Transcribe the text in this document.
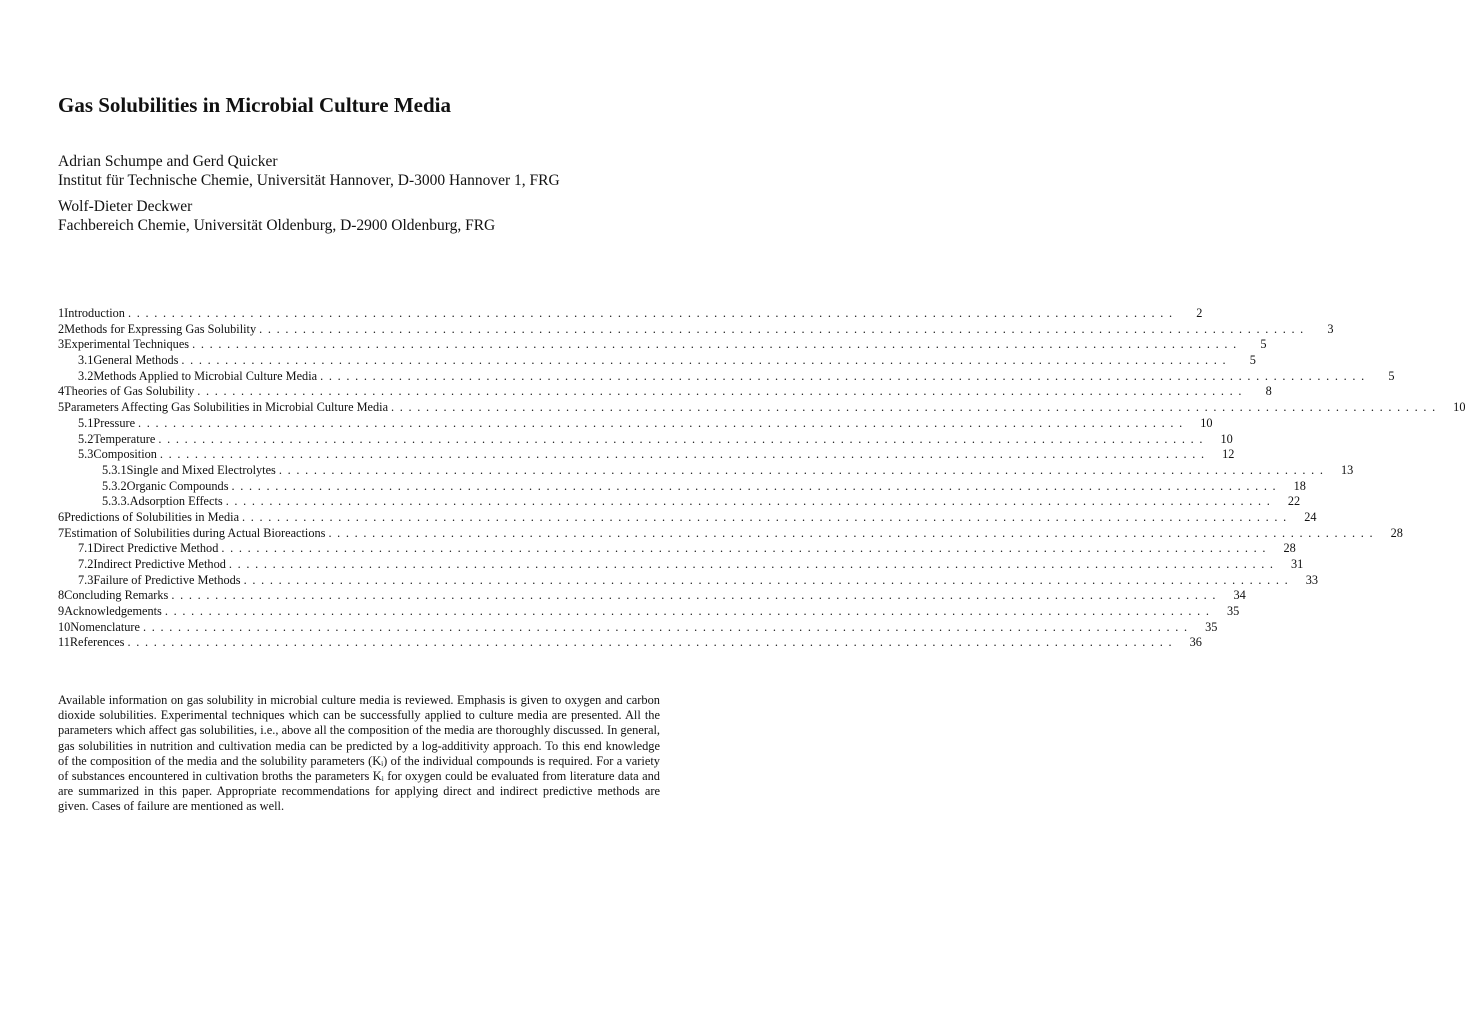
Gas Solubilities in Microbial Culture Media
Adrian Schumpe and Gerd Quicker
Institut für Technische Chemie, Universität Hannover, D-3000 Hannover 1, FRG
Wolf-Dieter Deckwer
Fachbereich Chemie, Universität Oldenburg, D-2900 Oldenburg, FRG
1 Introduction . . . . . . . . . . . . . . . . . . . . . . . . . . . . . . . . . . . . . . . . . . . . . . . . . . . . . . . . . . . . . . . . . . . . . . . . . . . . . . . . . . . . . . . . . . . . . . . . . . . . . . . . . . . . . . . . . . . . . . . .	2
2 Methods for Expressing Gas Solubility . . . . . . . . . . . . . . . . . . . . . . . . . . . . . . . . . . . . . . . . . . . . . . . . . . . . . . . . . . . . . . . . . . . . . . . . . . . . . . . . . . . . . . . . . . . . . . . . . . . . . . . . . . . . . . . . . . . . . . . .	3
3 Experimental Techniques . . . . . . . . . . . . . . . . . . . . . . . . . . . . . . . . . . . . . . . . . . . . . . . . . . . . . . . . . . . . . . . . . . . . . . . . . . . . . . . . . . . . . . . . . . . . . . . . . . . . . . . . . . . . . . . . . . . . . . . .	5
3.1 General Methods . . . . . . . . . . . . . . . . . . . . . . . . . . . . . . . . . . . . . . . . . . . . . . . . . . . . . . . . . . . . . . . . . . . . . . . . . . . . . . . . . . . . . . . . . . . . . . . . . . . . . . . . . . . . . . . . . . . . . . . .	5
3.2 Methods Applied to Microbial Culture Media . . . . . . . . . . . . . . . . . . . . . . . . . . . . . . . . . . . . . . . . . . . . . . . . . . . . . . . . . . . . . . . . . . . . . . . . . . . . . . . . . . . . . . . . . . . . . . . . . . . . . . . . . . . . . . . . . . . . . . . .	5
4 Theories of Gas Solubility . . . . . . . . . . . . . . . . . . . . . . . . . . . . . . . . . . . . . . . . . . . . . . . . . . . . . . . . . . . . . . . . . . . . . . . . . . . . . . . . . . . . . . . . . . . . . . . . . . . . . . . . . . . . . . . . . . . . . . . .	8
5 Parameters Affecting Gas Solubilities in Microbial Culture Media . . . . . . . . . . . . . . . . . . . . . . . . . . . . . . . . . . . . . . . . . . . . . . . . . . . . . . . . . . . . . . . . . . . . . . . . . . . . . . . . . . . . . . . . . . . . . . . . . . . . . . . . . . . . . . . . . . . . . . . .	10
5.1 Pressure . . . . . . . . . . . . . . . . . . . . . . . . . . . . . . . . . . . . . . . . . . . . . . . . . . . . . . . . . . . . . . . . . . . . . . . . . . . . . . . . . . . . . . . . . . . . . . . . . . . . . . . . . . . . . . . . . . . . . . . .	10
5.2 Temperature . . . . . . . . . . . . . . . . . . . . . . . . . . . . . . . . . . . . . . . . . . . . . . . . . . . . . . . . . . . . . . . . . . . . . . . . . . . . . . . . . . . . . . . . . . . . . . . . . . . . . . . . . . . . . . . . . . . . . . . .	10
5.3 Composition . . . . . . . . . . . . . . . . . . . . . . . . . . . . . . . . . . . . . . . . . . . . . . . . . . . . . . . . . . . . . . . . . . . . . . . . . . . . . . . . . . . . . . . . . . . . . . . . . . . . . . . . . . . . . . . . . . . . . . . .	12
5.3.1 Single and Mixed Electrolytes . . . . . . . . . . . . . . . . . . . . . . . . . . . . . . . . . . . . . . . . . . . . . . . . . . . . . . . . . . . . . . . . . . . . . . . . . . . . . . . . . . . . . . . . . . . . . . . . . . . . . . . . . . . . . . . . . . . . . . . .	13
5.3.2 Organic Compounds . . . . . . . . . . . . . . . . . . . . . . . . . . . . . . . . . . . . . . . . . . . . . . . . . . . . . . . . . . . . . . . . . . . . . . . . . . . . . . . . . . . . . . . . . . . . . . . . . . . . . . . . . . . . . . . . . . . . . . . .	18
5.3.3. Adsorption Effects . . . . . . . . . . . . . . . . . . . . . . . . . . . . . . . . . . . . . . . . . . . . . . . . . . . . . . . . . . . . . . . . . . . . . . . . . . . . . . . . . . . . . . . . . . . . . . . . . . . . . . . . . . . . . . . . . . . . . . . .	22
6 Predictions of Solubilities in Media . . . . . . . . . . . . . . . . . . . . . . . . . . . . . . . . . . . . . . . . . . . . . . . . . . . . . . . . . . . . . . . . . . . . . . . . . . . . . . . . . . . . . . . . . . . . . . . . . . . . . . . . . . . . . . . . . . . . . . . .	24
7 Estimation of Solubilities during Actual Bioreactions . . . . . . . . . . . . . . . . . . . . . . . . . . . . . . . . . . . . . . . . . . . . . . . . . . . . . . . . . . . . . . . . . . . . . . . . . . . . . . . . . . . . . . . . . . . . . . . . . . . . . . . . . . . . . . . . . . . . . . . .	28
7.1 Direct Predictive Method . . . . . . . . . . . . . . . . . . . . . . . . . . . . . . . . . . . . . . . . . . . . . . . . . . . . . . . . . . . . . . . . . . . . . . . . . . . . . . . . . . . . . . . . . . . . . . . . . . . . . . . . . . . . . . . . . . . . . . . .	28
7.2 Indirect Predictive Method . . . . . . . . . . . . . . . . . . . . . . . . . . . . . . . . . . . . . . . . . . . . . . . . . . . . . . . . . . . . . . . . . . . . . . . . . . . . . . . . . . . . . . . . . . . . . . . . . . . . . . . . . . . . . . . . . . . . . . . .	31
7.3 Failure of Predictive Methods . . . . . . . . . . . . . . . . . . . . . . . . . . . . . . . . . . . . . . . . . . . . . . . . . . . . . . . . . . . . . . . . . . . . . . . . . . . . . . . . . . . . . . . . . . . . . . . . . . . . . . . . . . . . . . . . . . . . . . . .	33
8 Concluding Remarks . . . . . . . . . . . . . . . . . . . . . . . . . . . . . . . . . . . . . . . . . . . . . . . . . . . . . . . . . . . . . . . . . . . . . . . . . . . . . . . . . . . . . . . . . . . . . . . . . . . . . . . . . . . . . . . . . . . . . . . .	34
9 Acknowledgements . . . . . . . . . . . . . . . . . . . . . . . . . . . . . . . . . . . . . . . . . . . . . . . . . . . . . . . . . . . . . . . . . . . . . . . . . . . . . . . . . . . . . . . . . . . . . . . . . . . . . . . . . . . . . . . . . . . . . . . .	35
10 Nomenclature . . . . . . . . . . . . . . . . . . . . . . . . . . . . . . . . . . . . . . . . . . . . . . . . . . . . . . . . . . . . . . . . . . . . . . . . . . . . . . . . . . . . . . . . . . . . . . . . . . . . . . . . . . . . . . . . . . . . . . . .	35
11 References . . . . . . . . . . . . . . . . . . . . . . . . . . . . . . . . . . . . . . . . . . . . . . . . . . . . . . . . . . . . . . . . . . . . . . . . . . . . . . . . . . . . . . . . . . . . . . . . . . . . . . . . . . . . . . . . . . . . . . . .	36
Available information on gas solubility in microbial culture media is reviewed. Emphasis is given to oxygen and carbon dioxide solubilities. Experimental techniques which can be successfully applied to culture media are presented. All the parameters which affect gas solubilities, i.e., above all the composition of the media are thoroughly discussed. In general, gas solubilities in nutrition and cultivation media can be predicted by a log-additivity approach. To this end knowledge of the composition of the media and the solubility parameters (Kᵢ) of the individual compounds is required. For a variety of substances encountered in cultivation broths the parameters Kᵢ for oxygen could be evaluated from literature data and are summarized in this paper. Appropriate recommendations for applying direct and indirect predictive methods are given. Cases of failure are mentioned as well.
